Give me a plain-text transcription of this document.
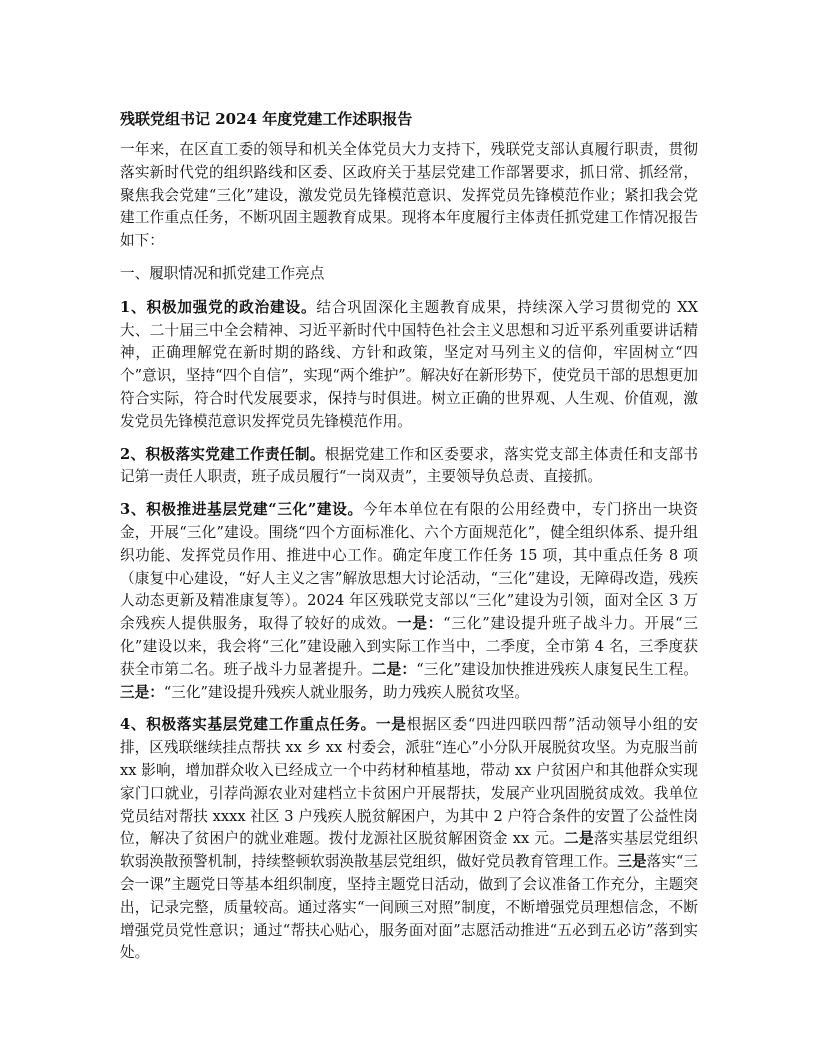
残联党组书记 2024 年度党建工作述职报告

一年来，在区直工委的领导和机关全体党员大力支持下，残联党支部认真履行职责，贯彻落实新时代党的组织路线和区委、区政府关于基层党建工作部署要求，抓日常、抓经常，聚焦我会党建“三化”建设，激发党员先锋模范意识、发挥党员先锋模范作业；紧扣我会党建工作重点任务，不断巩固主题教育成果。现将本年度履行主体责任抓党建工作情况报告如下：

一、履职情况和抓党建工作亮点

1、积极加强党的政治建设。结合巩固深化主题教育成果，持续深入学习贯彻党的 XX 大、二十届三中全会精神、习近平新时代中国特色社会主义思想和习近平系列重要讲话精神，正确理解党在新时期的路线、方针和政策，坚定对马列主义的信仰，牢固树立“四个”意识，坚持“四个自信”，实现“两个维护”。解决好在新形势下，使党员干部的思想更加符合实际，符合时代发展要求，保持与时俱进。树立正确的世界观、人生观、价值观，激发党员先锋模范意识发挥党员先锋模范作用。

2、积极落实党建工作责任制。根据党建工作和区委要求，落实党支部主体责任和支部书记第一责任人职责，班子成员履行“一岗双责”，主要领导负总责、直接抓。

3、积极推进基层党建“三化”建设。今年本单位在有限的公用经费中，专门挤出一块资金，开展“三化”建设。围绕“四个方面标准化、六个方面规范化”，健全组织体系、提升组织功能、发挥党员作用、推进中心工作。确定年度工作任务 15 项，其中重点任务 8 项（康复中心建设，“好人主义之害”解放思想大讨论活动，“三化”建设，无障碍改造，残疾人动态更新及精准康复等）。2024 年区残联党支部以“三化”建设为引领，面对全区 3 万余残疾人提供服务，取得了较好的成效。一是：“三化”建设提升班子战斗力。开展“三化”建设以来，我会将“三化”建设融入到实际工作当中，二季度，全市第 4 名，三季度获获全市第二名。班子战斗力显著提升。二是：“三化”建设加快推进残疾人康复民生工程。三是：“三化”建设提升残疾人就业服务，助力残疾人脱贫攻坚。

4、积极落实基层党建工作重点任务。一是根据区委“四进四联四帮”活动领导小组的安排，区残联继续挂点帮扶 xx 乡 xx 村委会，派驻“连心”小分队开展脱贫攻坚。为克服当前 xx 影响，增加群众收入已经成立一个中药材种植基地，带动 xx 户贫困户和其他群众实现家门口就业，引荐尚源农业对建档立卡贫困户开展帮扶，发展产业巩固脱贫成效。我单位党员结对帮扶 xxxx 社区 3 户残疾人脱贫解困户，为其中 2 户符合条件的安置了公益性岗位，解决了贫困户的就业难题。拨付龙源社区脱贫解困资金 xx 元。二是落实基层党组织软弱涣散预警机制，持续整顿软弱涣散基层党组织，做好党员教育管理工作。三是落实“三会一课”主题党日等基本组织制度，坚持主题党日活动，做到了会议准备工作充分，主题突出，记录完整，质量较高。通过落实“一间顾三对照”制度，不断增强党员理想信念，不断增强党员党性意识；通过“帮扶心贴心，服务面对面”志愿活动推进“五必到五必访”落到实处。
